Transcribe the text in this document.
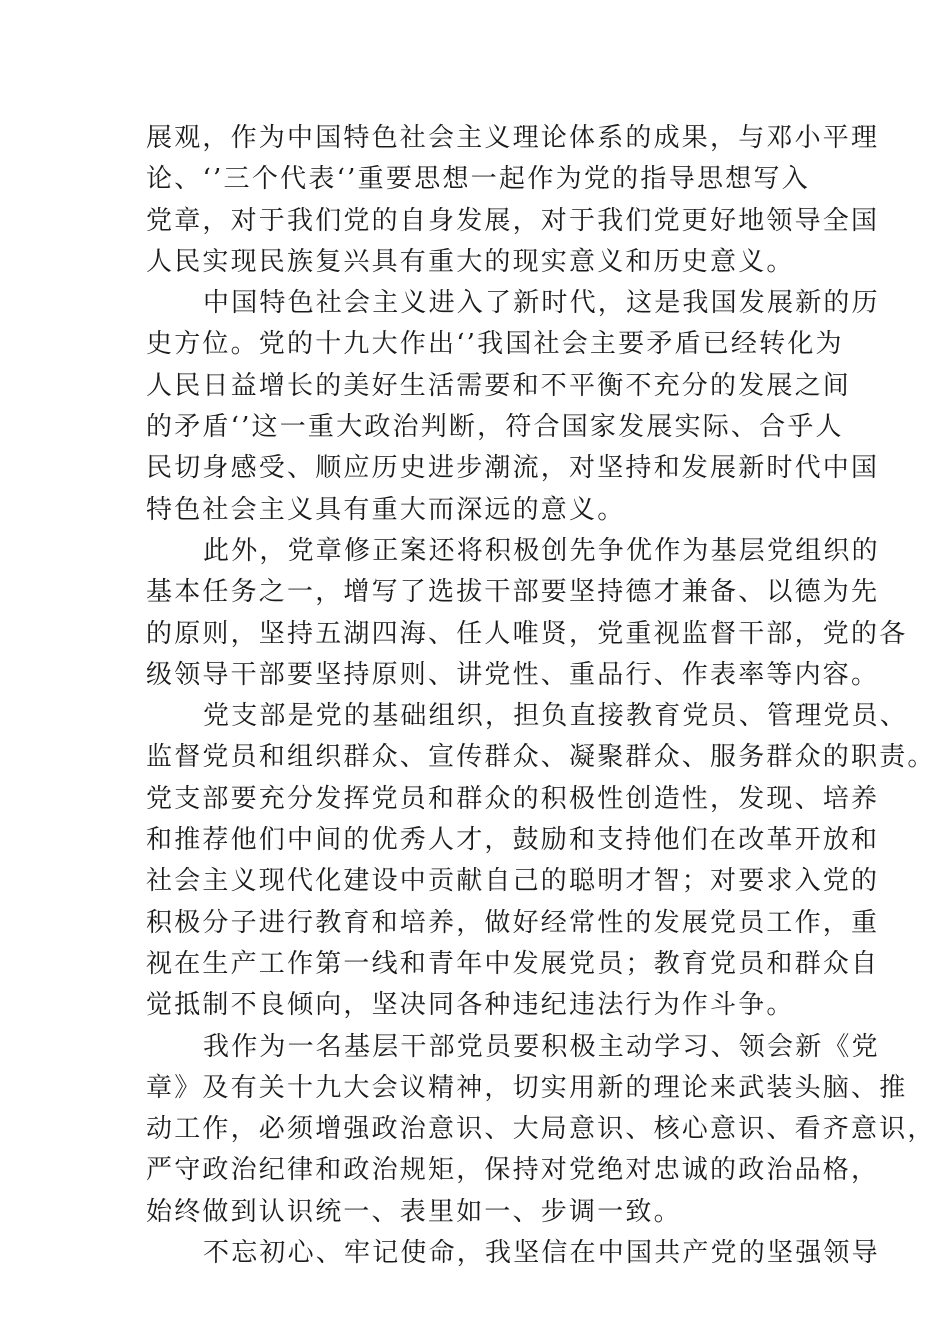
展观，作为中国特色社会主义理论体系的成果，与邓小平理
论、‘’三个代表‘’重要思想一起作为党的指导思想写入
党章，对于我们党的自身发展，对于我们党更好地领导全国
人民实现民族复兴具有重大的现实意义和历史意义。
中国特色社会主义进入了新时代，这是我国发展新的历
史方位。党的十九大作出‘’我国社会主要矛盾已经转化为
人民日益增长的美好生活需要和不平衡不充分的发展之间
的矛盾‘’这一重大政治判断，符合国家发展实际、合乎人
民切身感受、顺应历史进步潮流，对坚持和发展新时代中国
特色社会主义具有重大而深远的意义。
此外，党章修正案还将积极创先争优作为基层党组织的
基本任务之一，增写了选拔干部要坚持德才兼备、以德为先
的原则，坚持五湖四海、任人唯贤，党重视监督干部，党的各
级领导干部要坚持原则、讲党性、重品行、作表率等内容。
党支部是党的基础组织，担负直接教育党员、管理党员、
监督党员和组织群众、宣传群众、凝聚群众、服务群众的职责。
党支部要充分发挥党员和群众的积极性创造性，发现、培养
和推荐他们中间的优秀人才，鼓励和支持他们在改革开放和
社会主义现代化建设中贡献自己的聪明才智；对要求入党的
积极分子进行教育和培养，做好经常性的发展党员工作，重
视在生产工作第一线和青年中发展党员；教育党员和群众自
觉抵制不良倾向，坚决同各种违纪违法行为作斗争。
我作为一名基层干部党员要积极主动学习、领会新《党
章》及有关十九大会议精神，切实用新的理论来武装头脑、推
动工作，必须增强政治意识、大局意识、核心意识、看齐意识，
严守政治纪律和政治规矩，保持对党绝对忠诚的政治品格，
始终做到认识统一、表里如一、步调一致。
不忘初心、牢记使命，我坚信在中国共产党的坚强领导
